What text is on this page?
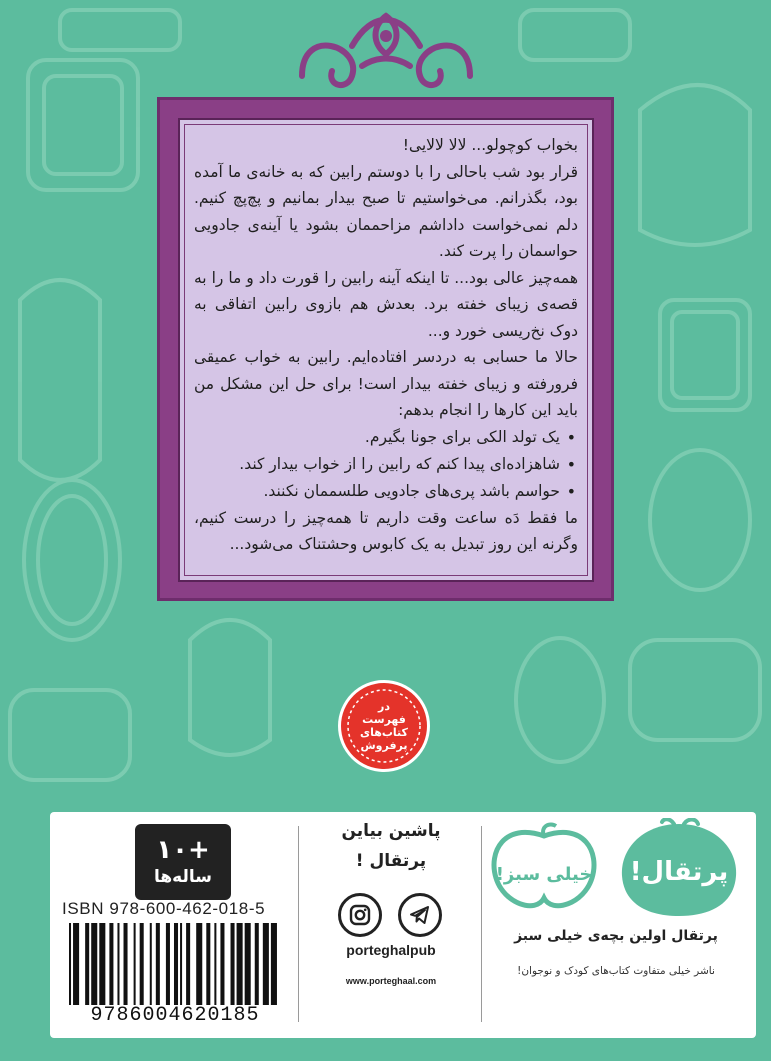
بخواب کوچولو... لالا لالایی!

قرار بود شب باحالی را با دوستم رابین که به خانه‌ی ما آمده بود، بگذرانم. می‌خواستیم تا صبح بیدار بمانیم و پچ‌پچ کنیم. دلم نمی‌خواست داداشم مزاحممان بشود یا آینه‌ی جادویی حواسمان را پرت کند.

همه‌چیز عالی بود... تا اینکه آینه رابین را قورت داد و ما را به قصه‌ی زیبای خفته برد. بعدش هم بازوی رابین اتفاقی به دوک نخ‌ریسی خورد و...

حالا ما حسابی به دردسر افتاده‌ایم. رابین به خواب عمیقی فرورفته و زیبای خفته بیدار است! برای حل این مشکل من باید این کارها را انجام بدهم:

• یک تولد الکی برای جونا بگیرم.
• شاهزاده‌ای پیدا کنم که رابین را از خواب بیدار کند.
• حواسم باشد پری‌های جادویی طلسممان نکنند.

ما فقط دَه ساعت وقت داریم تا همه‌چیز را درست کنیم، وگرنه این روز تبدیل به یک کابوس وحشتناک می‌شود...

در فهرست کتاب‌های پرفروش
+۱۰
ساله‌ها
ISBN 978-600-462-018-5
9786004620185
پاشین بیاین
پرتقال !
porteghalpub
www.porteghaal.com
پرتقال!
خیلی سبز!
پرتقال اولین بچه‌ی خیلی سبز
ناشر خیلی متفاوت کتاب‌های کودک و نوجوان!
